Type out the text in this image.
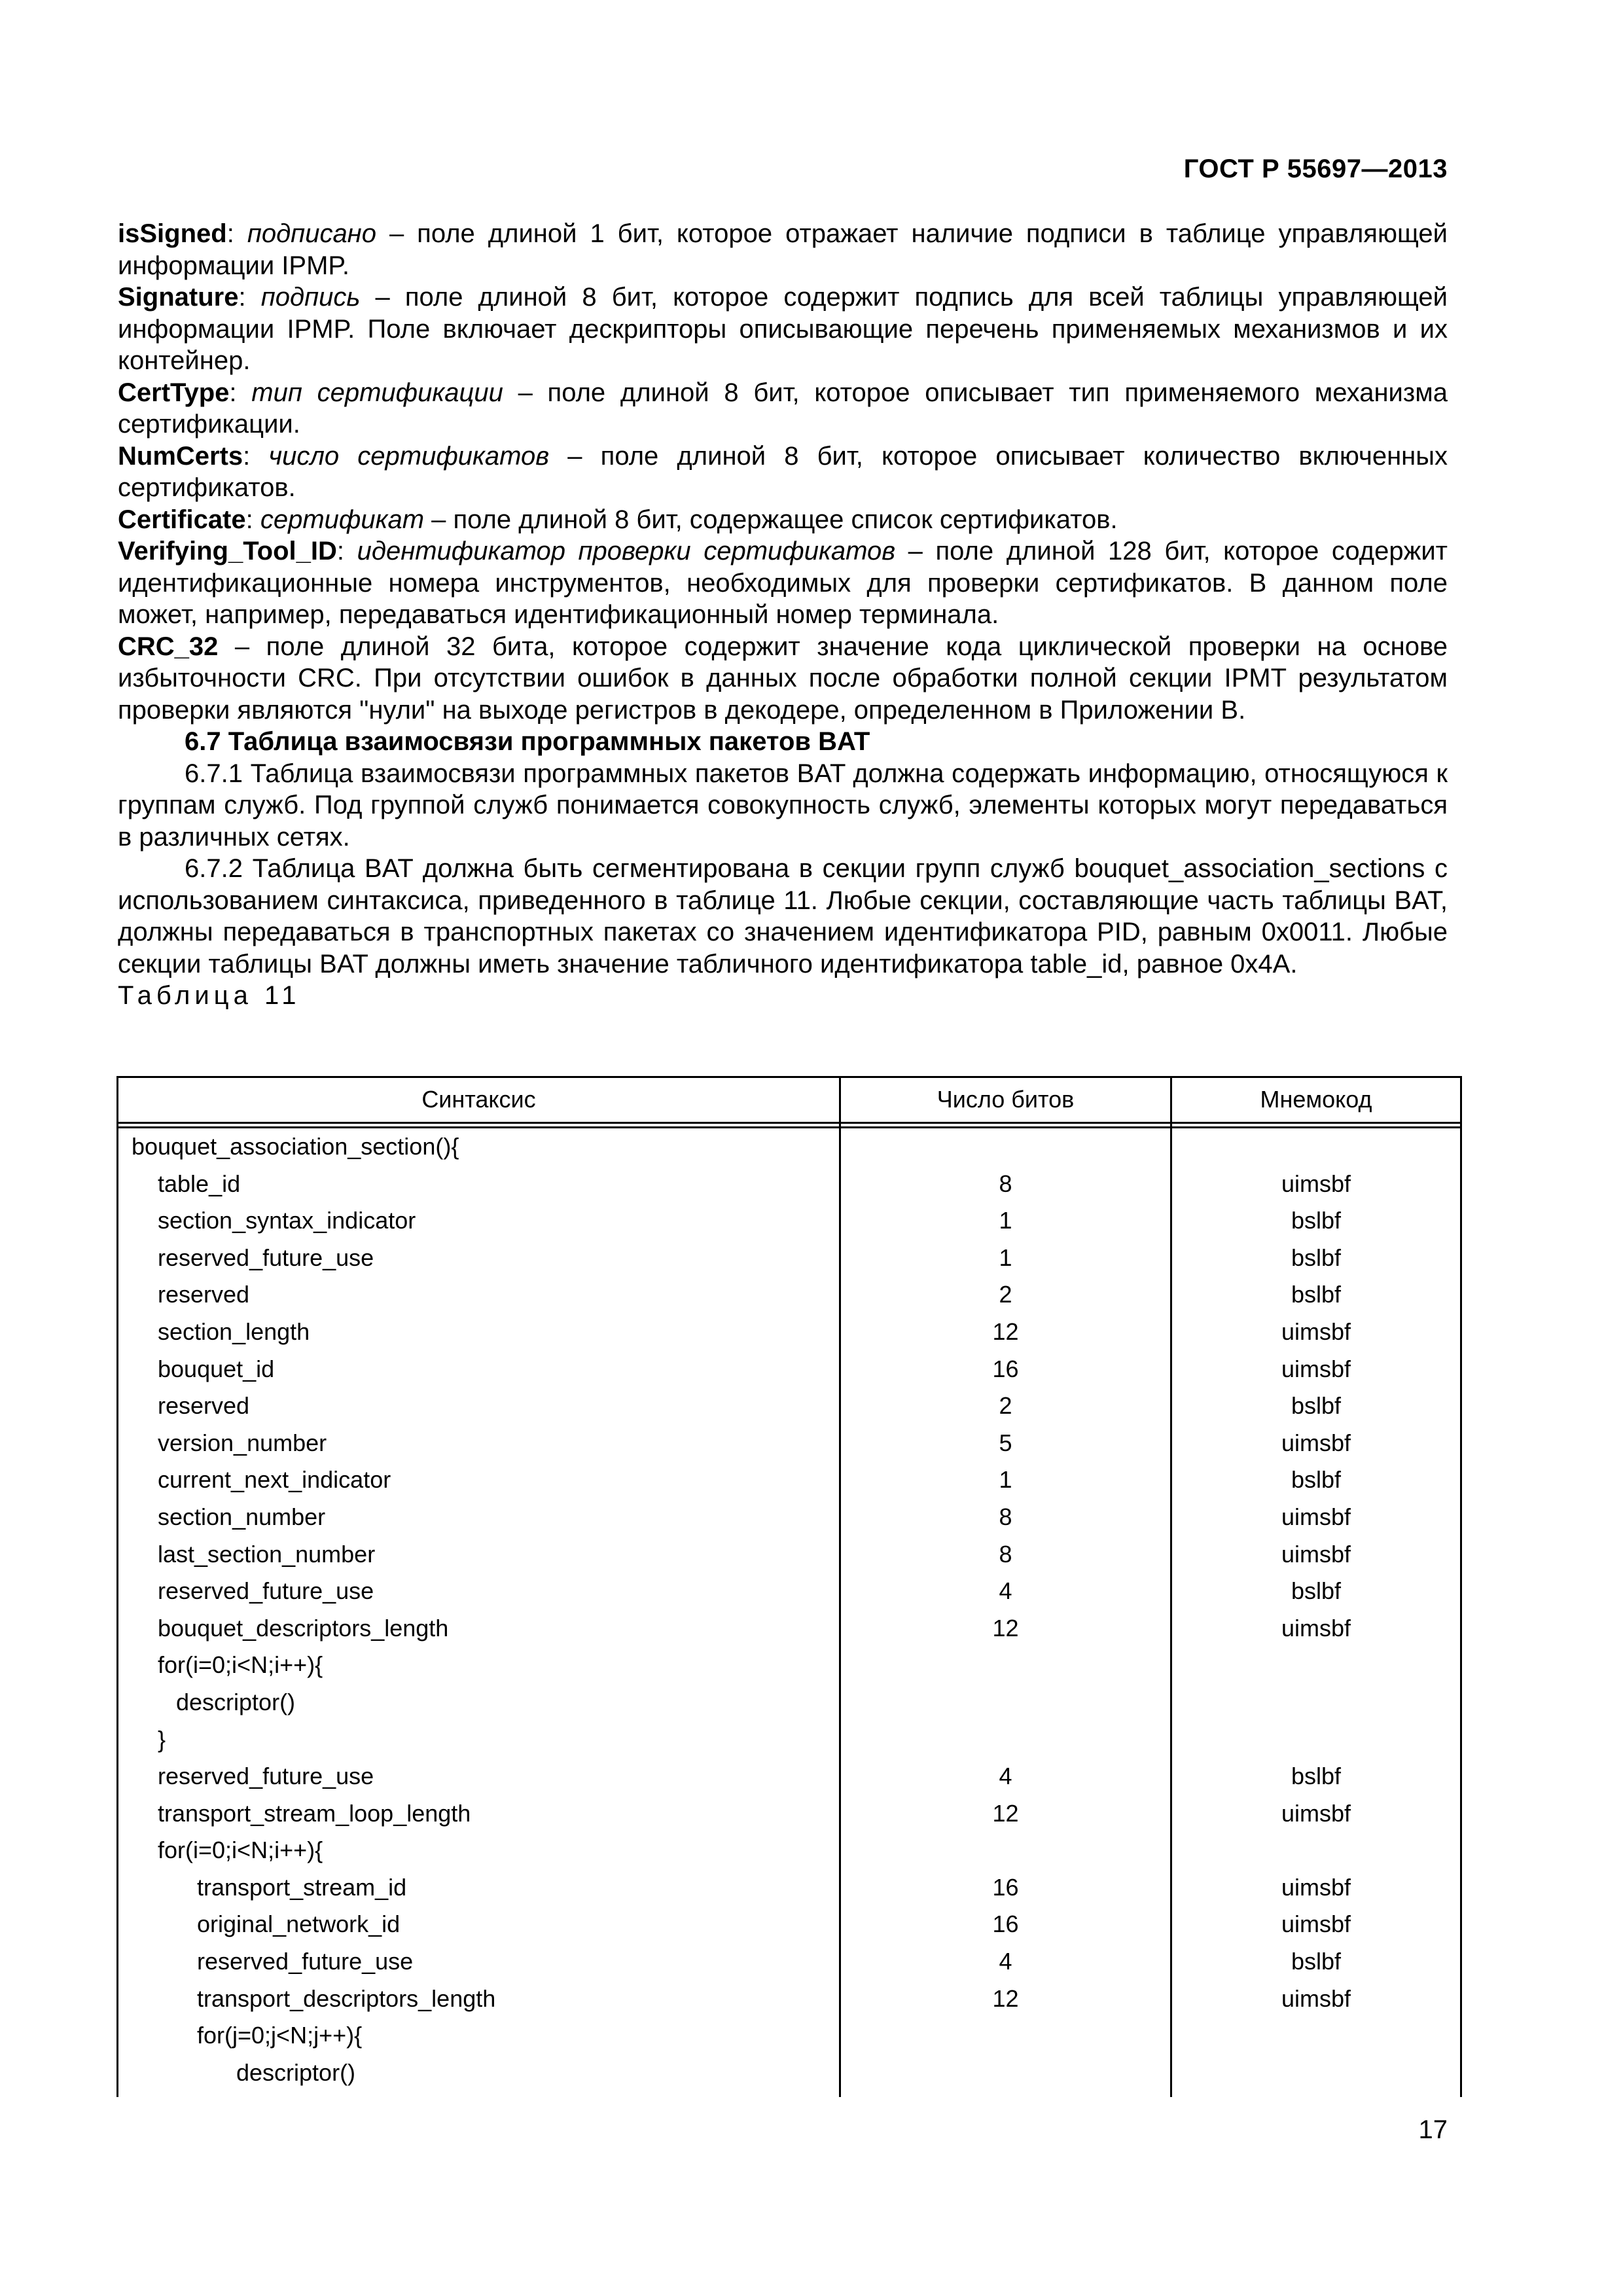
ГОСТ Р 55697—2013

isSigned: подписано – поле длиной 1 бит, которое отражает наличие подписи в таблице управляющей информации IPMP.

Signature: подпись – поле длиной 8 бит, которое содержит подпись для всей таблицы управляющей информации IPMP. Поле включает дескрипторы описывающие перечень применяемых механизмов и их контейнер.

CertType: тип сертификации – поле длиной 8 бит, которое описывает тип применяемого механизма сертификации.

NumCerts: число сертификатов – поле длиной 8 бит, которое описывает количество включенных сертификатов.

Certificate: сертификат – поле длиной 8 бит, содержащее список сертификатов.

Verifying_Tool_ID: идентификатор проверки сертификатов – поле длиной 128 бит, которое содержит идентификационные номера инструментов, необходимых для проверки сертификатов. В данном поле может, например, передаваться идентификационный номер терминала.

CRC_32 – поле длиной 32 бита, которое содержит значение кода циклической проверки на основе избыточности CRC. При отсутствии ошибок в данных после обработки полной секции IPMT результатом проверки являются "нули" на выходе регистров в декодере, определенном в Приложении В.

6.7 Таблица взаимосвязи программных пакетов BAT

6.7.1 Таблица взаимосвязи программных пакетов BAT должна содержать информацию, относящуюся к группам служб. Под группой служб понимается совокупность служб, элементы которых могут передаваться в различных сетях.

6.7.2 Таблица BAT должна быть сегментирована в секции групп служб bouquet_association_sections с использованием синтаксиса, приведенного в таблице 11. Любые секции, составляющие часть таблицы BAT, должны передаваться в транспортных пакетах со значением идентификатора PID, равным 0x0011. Любые секции таблицы BAT должны иметь значение табличного идентификатора table_id, равное 0x4A.

Таблица 11

Синтаксис	Число битов	Мнемокод
bouquet_association_section(){
table_id	8	uimsbf
section_syntax_indicator	1	bslbf
reserved_future_use	1	bslbf
reserved	2	bslbf
section_length	12	uimsbf
bouquet_id	16	uimsbf
reserved	2	bslbf
version_number	5	uimsbf
current_next_indicator	1	bslbf
section_number	8	uimsbf
last_section_number	8	uimsbf
reserved_future_use	4	bslbf
bouquet_descriptors_length	12	uimsbf
for(i=0;i<N;i++){
descriptor()
}
reserved_future_use	4	bslbf
transport_stream_loop_length	12	uimsbf
for(i=0;i<N;i++){
transport_stream_id	16	uimsbf
original_network_id	16	uimsbf
reserved_future_use	4	bslbf
transport_descriptors_length	12	uimsbf
for(j=0;j<N;j++){
descriptor()
17
